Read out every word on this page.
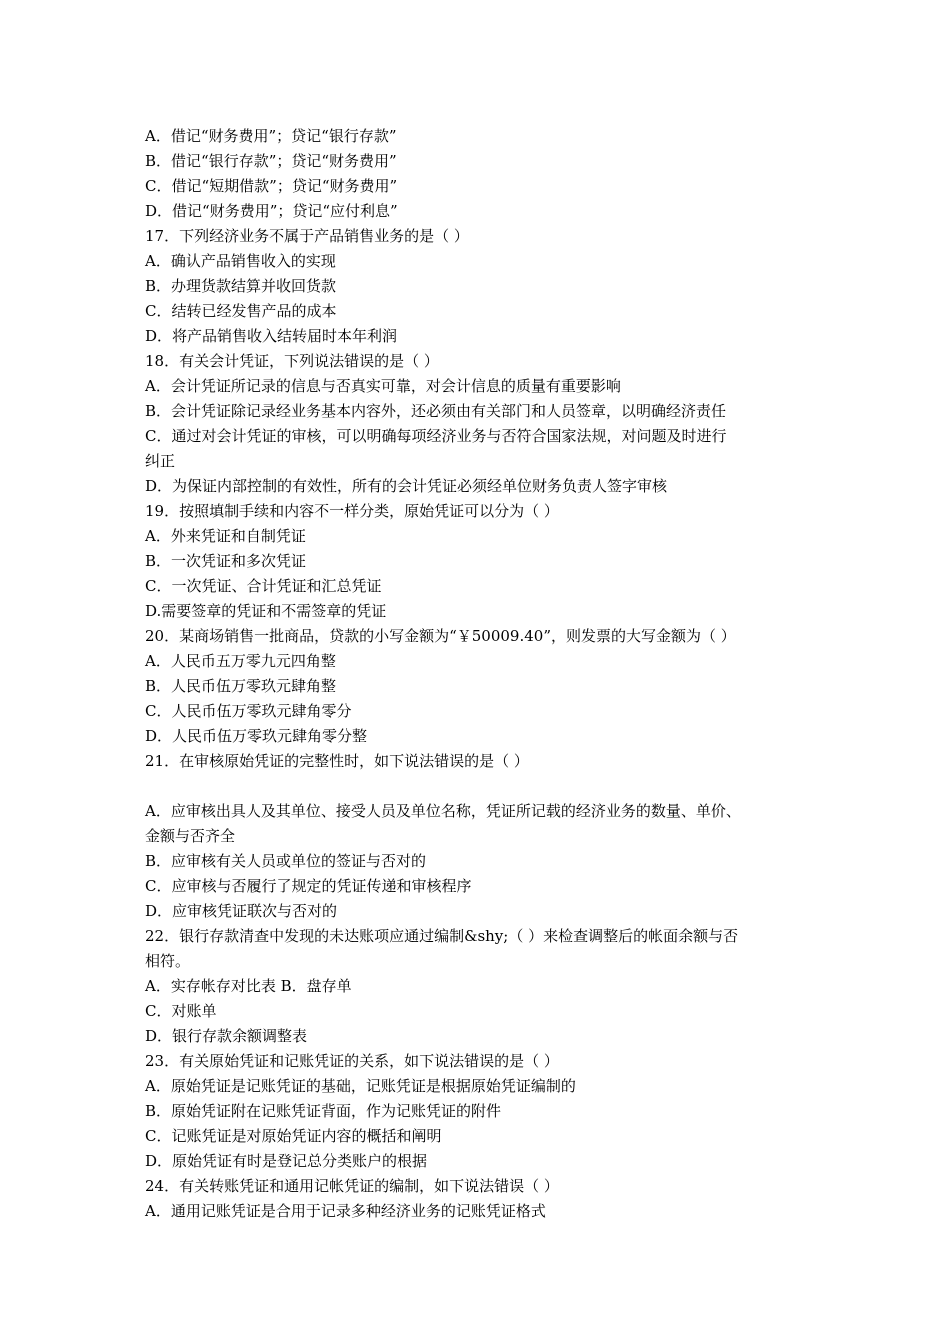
A．借记“财务费用”；贷记“银行存款”
B．借记“银行存款”；贷记“财务费用”
C．借记“短期借款”；贷记“财务费用”
D．借记“财务费用”；贷记“应付利息”
17．下列经济业务不属于产品销售业务的是（ ）
A．确认产品销售收入的实现
B．办理货款结算并收回货款
C．结转已经发售产品的成本
D．将产品销售收入结转届时本年利润
18．有关会计凭证，下列说法错误的是（ ）
A．会计凭证所记录的信息与否真实可靠，对会计信息的质量有重要影响
B．会计凭证除记录经业务基本内容外，还必须由有关部门和人员签章，以明确经济责任
C．通过对会计凭证的审核，可以明确每项经济业务与否符合国家法规，对问题及时进行
纠正
D．为保证内部控制的有效性，所有的会计凭证必须经单位财务负责人签字审核
19．按照填制手续和内容不一样分类，原始凭证可以分为（ ）
A．外来凭证和自制凭证
B．一次凭证和多次凭证
C．一次凭证、合计凭证和汇总凭证
D.需要签章的凭证和不需签章的凭证
20．某商场销售一批商品，贷款的小写金额为“￥50009.40”，则发票的大写金额为（ ）
A．人民币五万零九元四角整
B．人民币伍万零玖元肆角整
C．人民币伍万零玖元肆角零分
D．人民币伍万零玖元肆角零分整
21．在审核原始凭证的完整性时，如下说法错误的是（ ）
A．应审核出具人及其单位、接受人员及单位名称，凭证所记载的经济业务的数量、单价、
金额与否齐全
B．应审核有关人员或单位的签证与否对的
C．应审核与否履行了规定的凭证传递和审核程序
D．应审核凭证联次与否对的
22．银行存款清查中发现的未达账项应通过编制&shy;（ ）来检查调整后的帐面余额与否
相符。
A．实存帐存对比表 B．盘存单
C．对账单
D．银行存款余额调整表
23．有关原始凭证和记账凭证的关系，如下说法错误的是（ ）
A．原始凭证是记账凭证的基础，记账凭证是根据原始凭证编制的
B．原始凭证附在记账凭证背面，作为记账凭证的附件
C．记账凭证是对原始凭证内容的概括和阐明
D．原始凭证有时是登记总分类账户的根据
24．有关转账凭证和通用记帐凭证的编制，如下说法错误（ ）
A．通用记账凭证是合用于记录多种经济业务的记账凭证格式
